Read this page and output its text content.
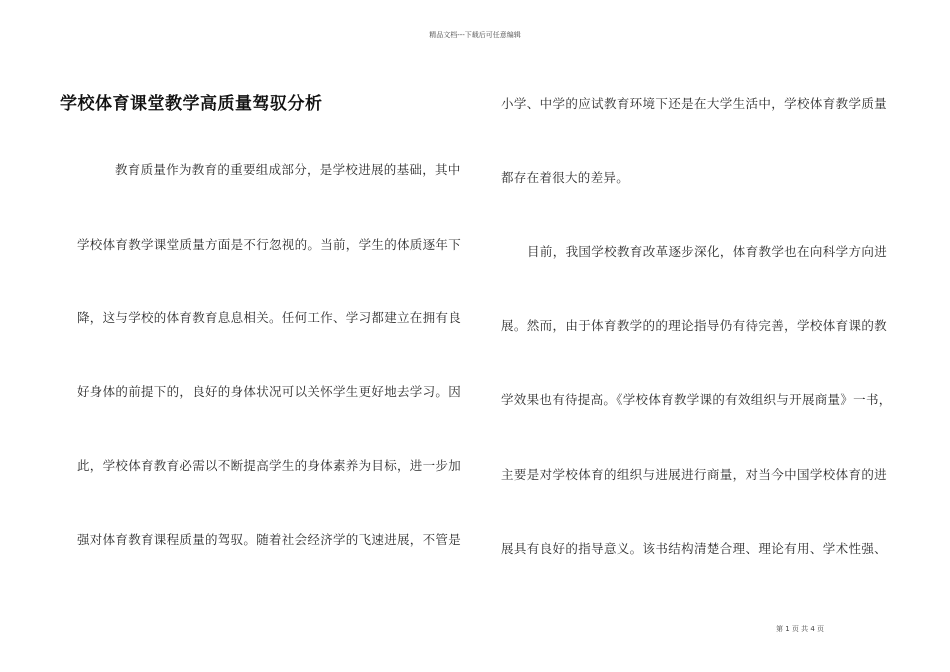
精品文档---下载后可任意编辑
学校体育课堂教学高质量驾驭分析
教育质量作为教育的重要组成部分，是学校进展的基础，其中
学校体育教学课堂质量方面是不行忽视的。当前，学生的体质逐年下
降，这与学校的体育教育息息相关。任何工作、学习都建立在拥有良
好身体的前提下的，良好的身体状况可以关怀学生更好地去学习。因
此，学校体育教育必需以不断提高学生的身体素养为目标，进一步加
强对体育教育课程质量的驾驭。随着社会经济学的飞速进展，不管是
小学、中学的应试教育环境下还是在大学生活中，学校体育教学质量
都存在着很大的差异。
目前，我国学校教育改革逐步深化，体育教学也在向科学方向进
展。然而，由于体育教学的的理论指导仍有待完善，学校体育课的教
学效果也有待提高。《学校体育教学课的有效组织与开展商量》一书，
主要是对学校体育的组织与进展进行商量，对当今中国学校体育的进
展具有良好的指导意义。该书结构清楚合理、理论有用、学术性强、
第 1 页 共 4 页
